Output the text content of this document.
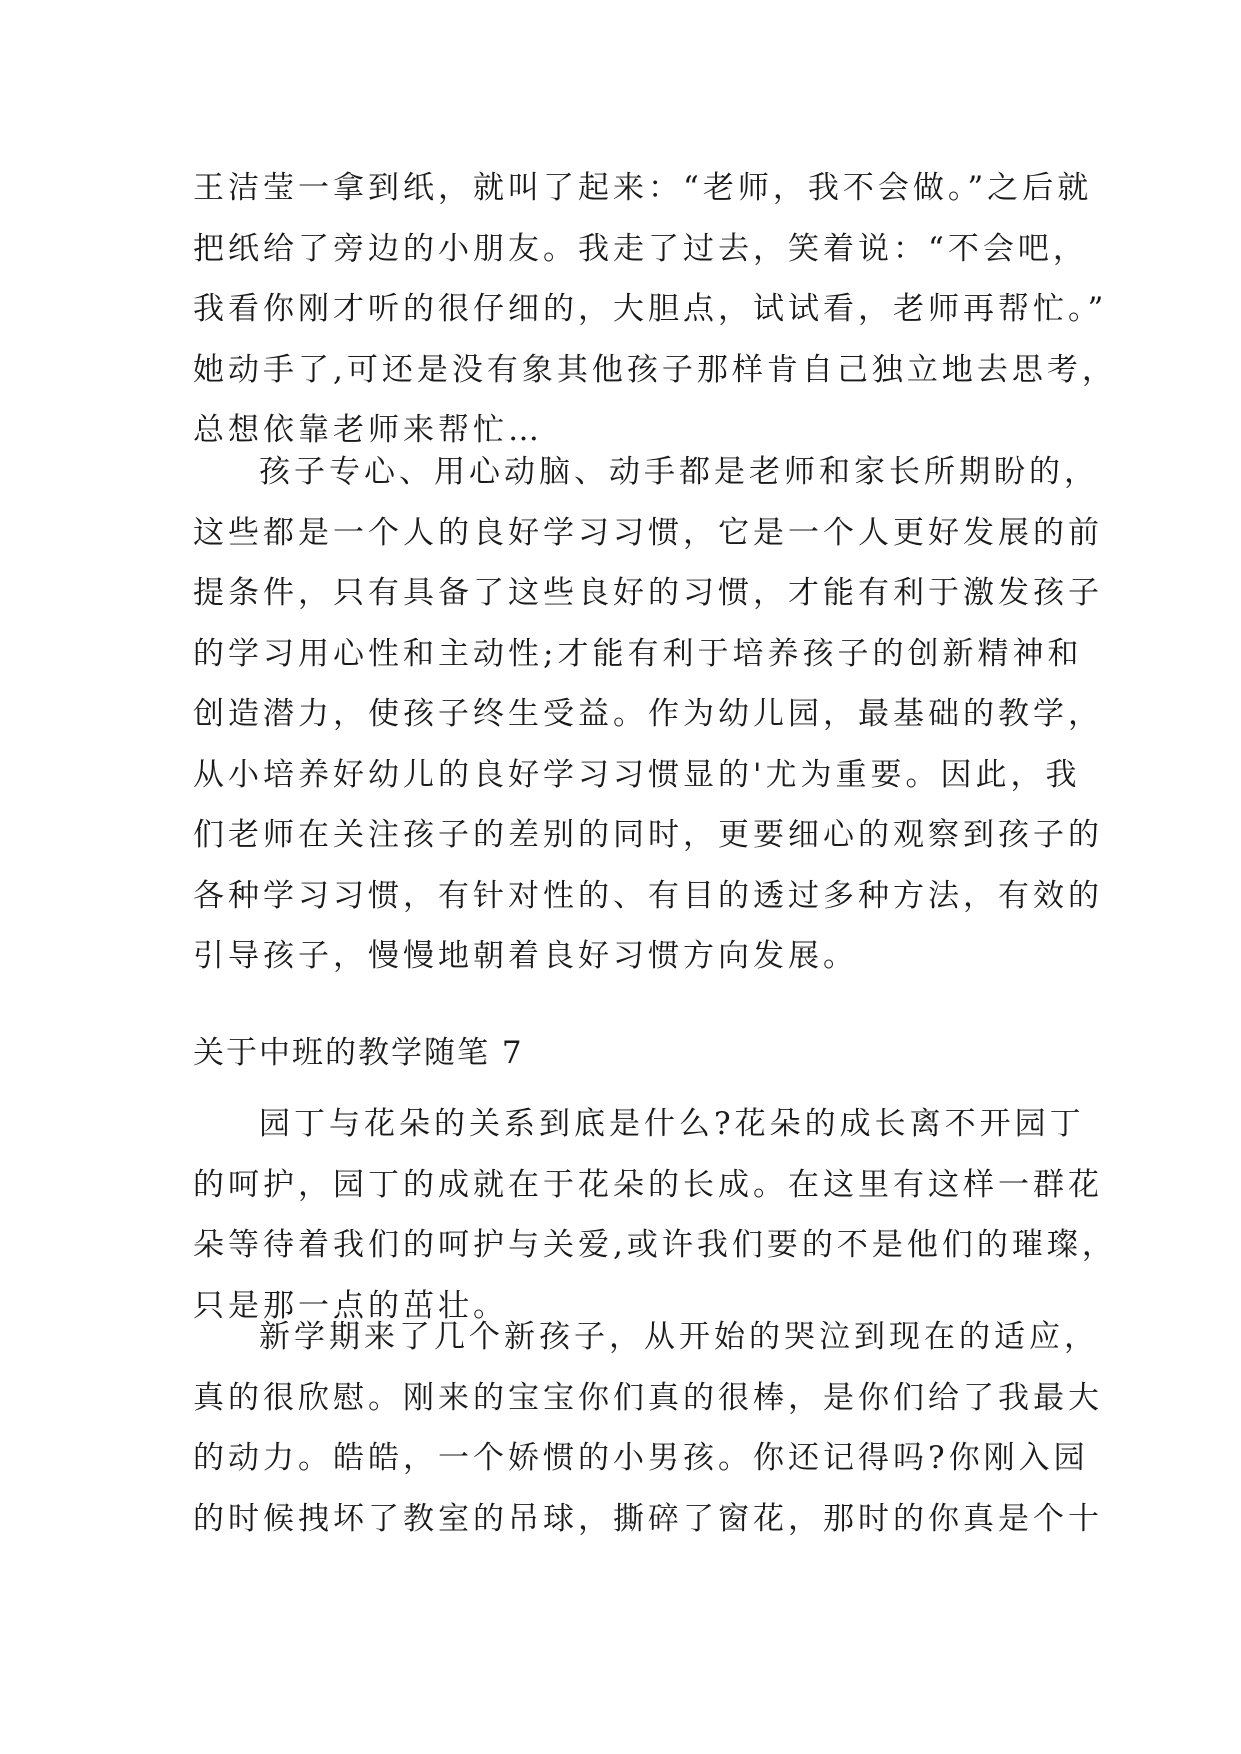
王洁莹一拿到纸，就叫了起来：“老师，我不会做。”之后就
把纸给了旁边的小朋友。我走了过去，笑着说：“不会吧，
我看你刚才听的很仔细的，大胆点，试试看，老师再帮忙。”
她动手了,可还是没有象其他孩子那样肯自己独立地去思考，
总想依靠老师来帮忙…
孩子专心、用心动脑、动手都是老师和家长所期盼的，
这些都是一个人的良好学习习惯，它是一个人更好发展的前
提条件，只有具备了这些良好的习惯，才能有利于激发孩子
的学习用心性和主动性;才能有利于培养孩子的创新精神和
创造潜力，使孩子终生受益。作为幼儿园，最基础的教学，
从小培养好幼儿的良好学习习惯显的'尤为重要。因此，我
们老师在关注孩子的差别的同时，更要细心的观察到孩子的
各种学习习惯，有针对性的、有目的透过多种方法，有效的
引导孩子，慢慢地朝着良好习惯方向发展。
关于中班的教学随笔 7
园丁与花朵的关系到底是什么?花朵的成长离不开园丁
的呵护，园丁的成就在于花朵的长成。在这里有这样一群花
朵等待着我们的呵护与关爱,或许我们要的不是他们的璀璨，
只是那一点的茁壮。
新学期来了几个新孩子，从开始的哭泣到现在的适应，
真的很欣慰。刚来的宝宝你们真的很棒，是你们给了我最大
的动力。皓皓，一个娇惯的小男孩。你还记得吗?你刚入园
的时候拽坏了教室的吊球，撕碎了窗花，那时的你真是个十
